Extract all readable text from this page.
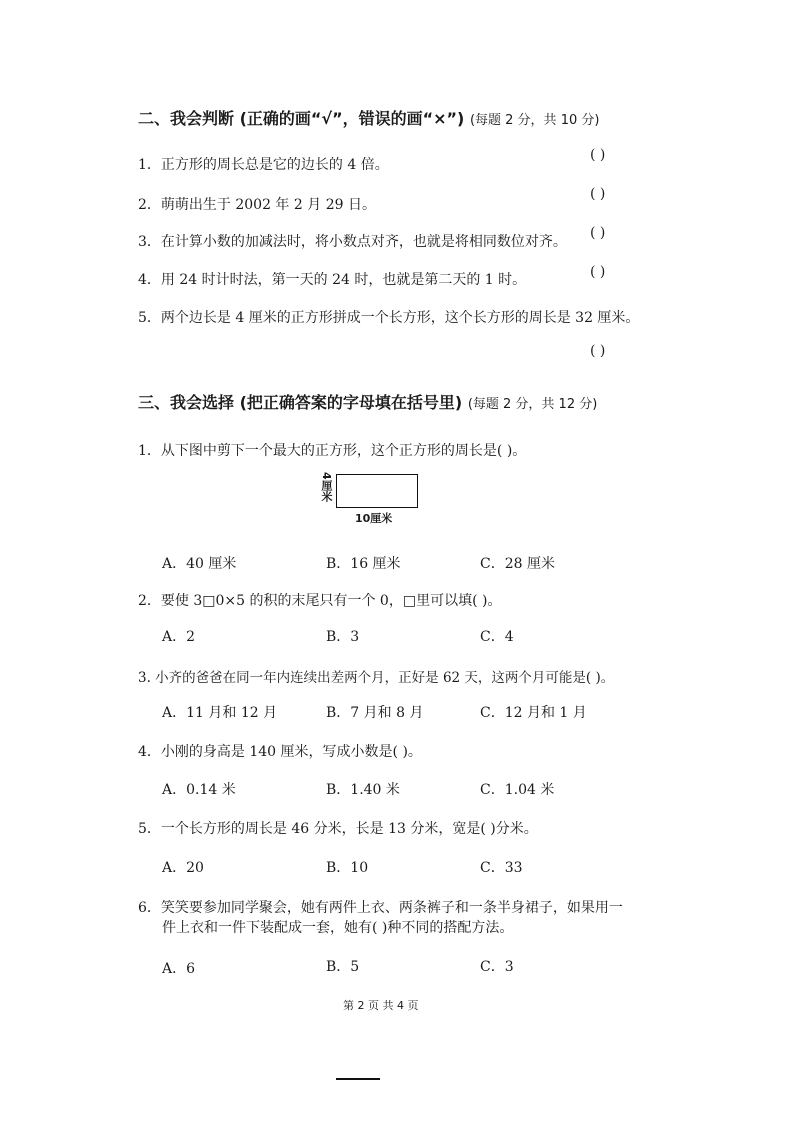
二、我会判断 (正确的画“√”，错误的画“×”) (每题 2 分，共 10 分)
1．正方形的周长总是它的边长的 4 倍。
( )
2．萌萌出生于 2002 年 2 月 29 日。
( )
3．在计算小数的加减法时，将小数点对齐，也就是将相同数位对齐。
( )
4．用 24 时计时法，第一天的 24 时，也就是第二天的 1 时。	( )
5．两个边长是 4 厘米的正方形拼成一个长方形，这个长方形的周长是 32 厘米。
( )
三、我会选择 (把正确答案的字母填在括号里) (每题 2 分，共 12 分)
1．从下图中剪下一个最大的正方形，这个正方形的周长是( )。
4厘米
10厘米
A．40 厘米	B．16 厘米	C．28 厘米
2．要使 3□0×5 的积的末尾只有一个 0，□里可以填( )。
A．2	B．3	C．4
3. 小齐的爸爸在同一年内连续出差两个月，正好是 62 天，这两个月可能是( )。
A．11 月和 12 月	B．7 月和 8 月	C．12 月和 1 月
4．小刚的身高是 140 厘米，写成小数是( )。
A．0.14 米	B．1.40 米	C．1.04 米
5．一个长方形的周长是 46 分米，长是 13 分米，宽是( )分米。
A．20	B．10	C．33
6．笑笑要参加同学聚会，她有两件上衣、两条裤子和一条半身裙子，如果用一
件上衣和一件下装配成一套，她有( )种不同的搭配方法。
A．6	B．5	C．3
第 2 页 共 4 页
